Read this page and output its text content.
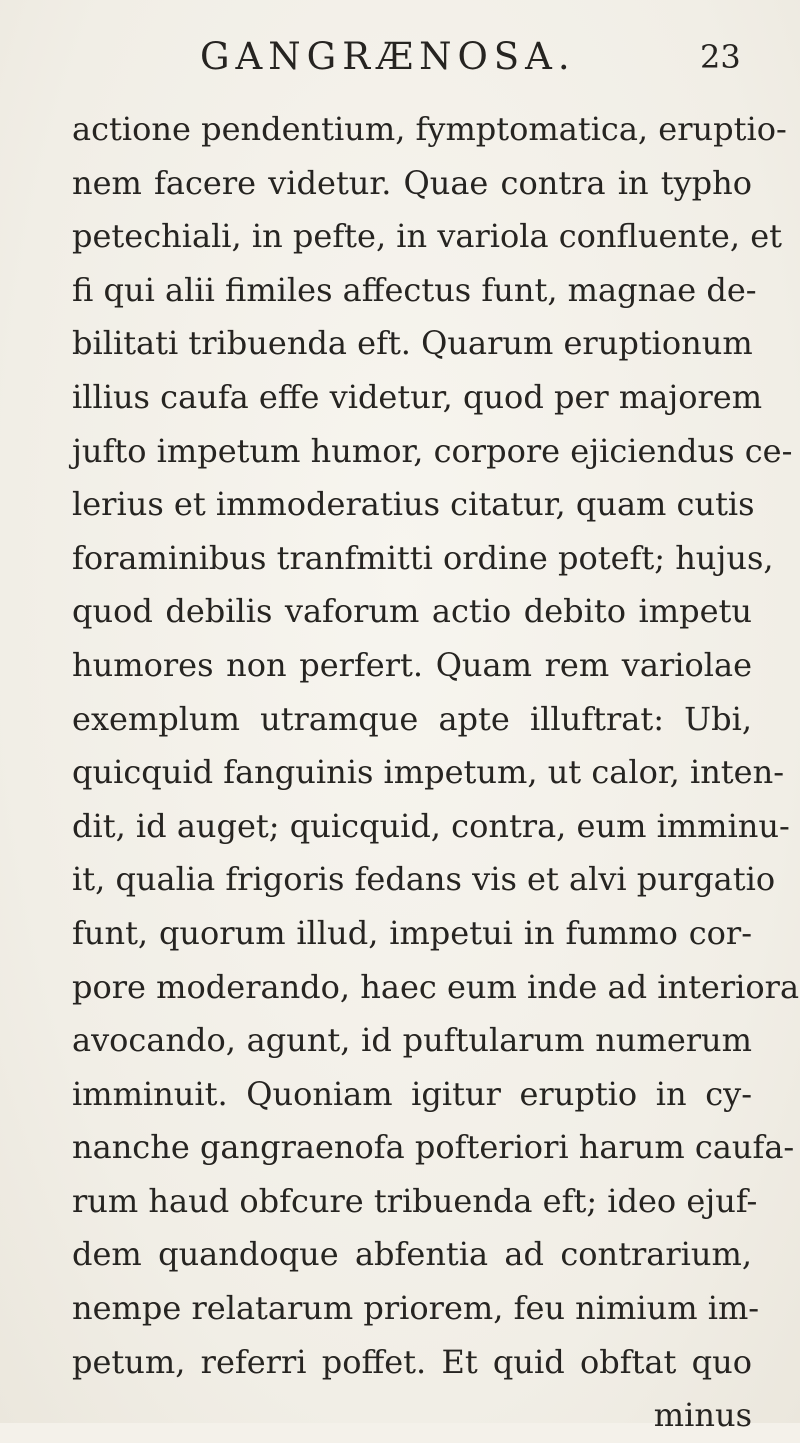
GANGRÆNOSA.	23
actione pendentium, fymptomatica, eruptio-
nem facere videtur. Quae contra in typho
petechiali, in pefte, in variola confluente, et
fi qui alii fimiles affectus funt, magnae de-
bilitati tribuenda eft. Quarum eruptionum
illius caufa effe videtur, quod per majorem
jufto impetum humor, corpore ejiciendus ce-
lerius et immoderatius citatur, quam cutis
foraminibus tranfmitti ordine poteft; hujus,
quod debilis vaforum actio debito impetu
humores non perfert. Quam rem variolae
exemplum utramque apte illuftrat: Ubi,
quicquid fanguinis impetum, ut calor, inten-
dit, id auget; quicquid, contra, eum imminu-
it, qualia frigoris fedans vis et alvi purgatio
funt, quorum illud, impetui in fummo cor-
pore moderando, haec eum inde ad interiora
avocando, agunt, id puftularum numerum
imminuit. Quoniam igitur eruptio in cy-
nanche gangraenofa pofteriori harum caufa-
rum haud obfcure tribuenda eft; ideo ejuf-
dem quandoque abfentia ad contrarium,
nempe relatarum priorem, feu nimium im-
petum, referri poffet. Et quid obftat quo
minus
